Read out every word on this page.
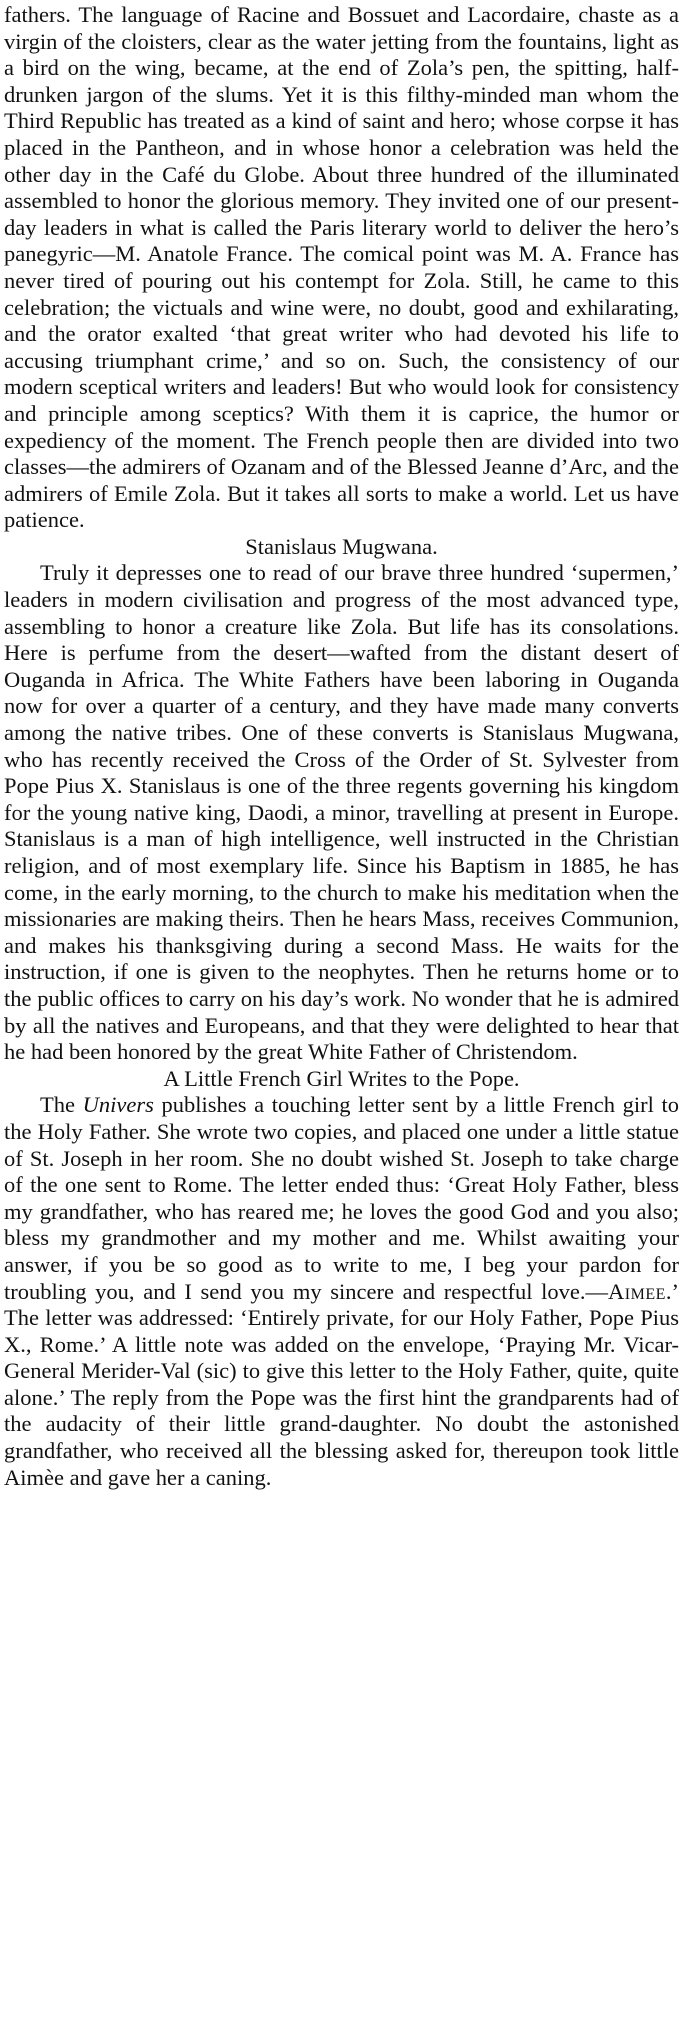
fathers. The language of Racine and Bossuet and Lacordaire, chaste as a virgin of the cloisters, clear as the water jetting from the fountains, light as a bird on the wing, became, at the end of Zola’s pen, the spitting, half-drunken jargon of the slums. Yet it is this filthy-minded man whom the Third Republic has treated as a kind of saint and hero; whose corpse it has placed in the Pantheon, and in whose honor a celebration was held the other day in the Café du Globe. About three hundred of the illuminated assembled to honor the glorious memory. They invited one of our present-day leaders in what is called the Paris literary world to deliver the hero’s panegyric—M. Anatole France. The comical point was M. A. France has never tired of pouring out his contempt for Zola. Still, he came to this celebration; the victuals and wine were, no doubt, good and exhilarating, and the orator exalted ‘that great writer who had devoted his life to accusing triumphant crime,’ and so on. Such, the consistency of our modern sceptical writers and leaders! But who would look for consistency and principle among sceptics? With them it is caprice, the humor or expediency of the moment. The French people then are divided into two classes—the admirers of Ozanam and of the Blessed Jeanne d’Arc, and the admirers of Emile Zola. But it takes all sorts to make a world. Let us have patience.

Stanislaus Mugwana.

Truly it depresses one to read of our brave three hundred ‘supermen,’ leaders in modern civilisation and progress of the most advanced type, assembling to honor a creature like Zola. But life has its consolations. Here is perfume from the desert—wafted from the distant desert of Ouganda in Africa. The White Fathers have been laboring in Ouganda now for over a quarter of a century, and they have made many converts among the native tribes. One of these converts is Stanislaus Mugwana, who has recently received the Cross of the Order of St. Sylvester from Pope Pius X. Stanislaus is one of the three regents governing his kingdom for the young native king, Daodi, a minor, travelling at present in Europe. Stanislaus is a man of high intelligence, well instructed in the Christian religion, and of most exemplary life. Since his Baptism in 1885, he has come, in the early morning, to the church to make his meditation when the missionaries are making theirs. Then he hears Mass, receives Communion, and makes his thanksgiving during a second Mass. He waits for the instruction, if one is given to the neophytes. Then he returns home or to the public offices to carry on his day’s work. No wonder that he is admired by all the natives and Europeans, and that they were delighted to hear that he had been honored by the great White Father of Christendom.

A Little French Girl Writes to the Pope.

The Univers publishes a touching letter sent by a little French girl to the Holy Father. She wrote two copies, and placed one under a little statue of St. Joseph in her room. She no doubt wished St. Joseph to take charge of the one sent to Rome. The letter ended thus: ‘Great Holy Father, bless my grandfather, who has reared me; he loves the good God and you also; bless my grandmother and my mother and me. Whilst awaiting your answer, if you be so good as to write to me, I beg your pardon for troubling you, and I send you my sincere and respectful love.—Aimee.’ The letter was addressed: ‘Entirely private, for our Holy Father, Pope Pius X., Rome.’ A little note was added on the envelope, ‘Praying Mr. Vicar-General Merider-Val (sic) to give this letter to the Holy Father, quite, quite alone.’ The reply from the Pope was the first hint the grandparents had of the audacity of their little grand-daughter. No doubt the astonished grandfather, who received all the blessing asked for, thereupon took little Aimèe and gave her a caning.
